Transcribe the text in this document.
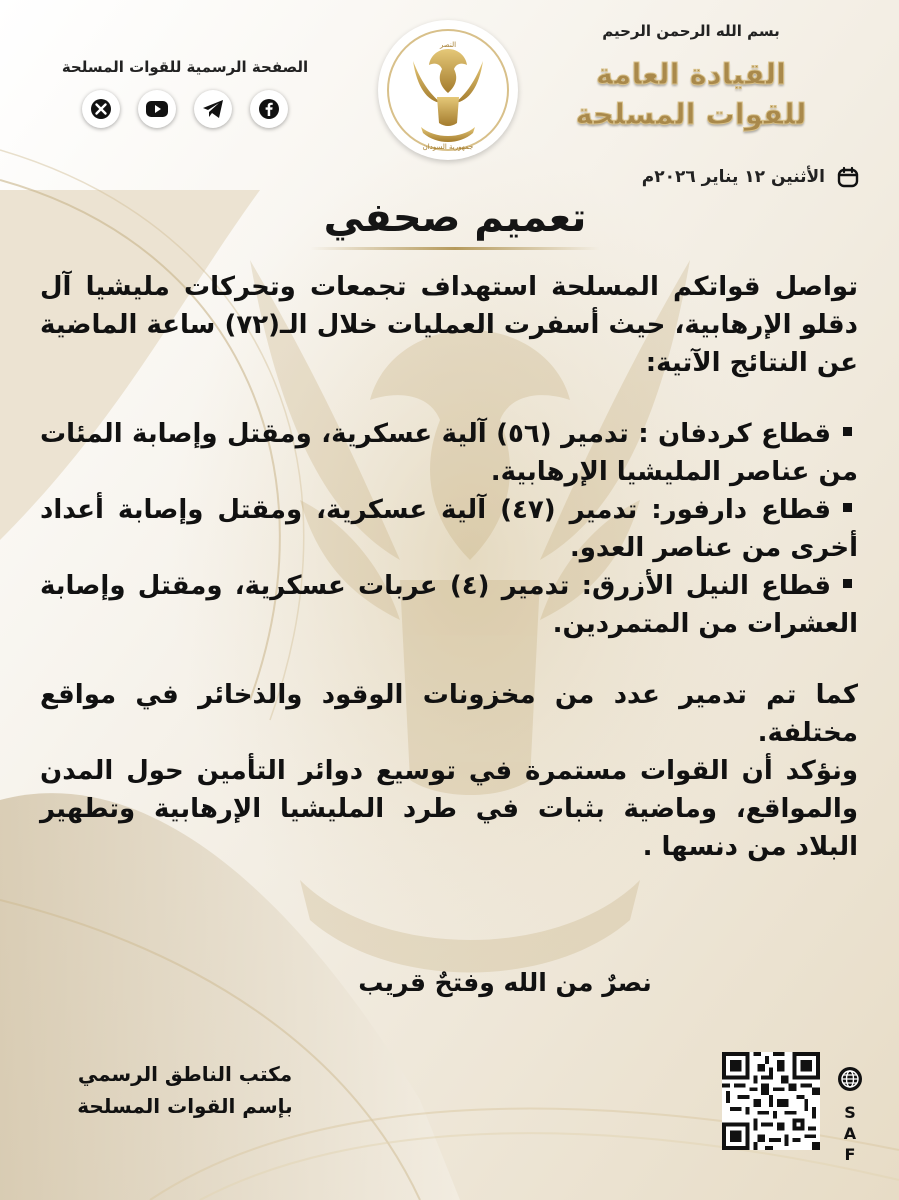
الصفحة الرسمية للقوات المسلحة
النصر
جمهورية السودان
بسم الله الرحمن الرحيم
القيادة العامة
للقوات المسلحة
الأثنين ١٢ يناير ٢٠٢٦م
تعميم صحفي

تواصل قواتكم المسلحة استهداف تجمعات وتحركات مليشيا آل دقلو الإرهابية، حيث أسفرت العمليات خلال الـ(٧٢) ساعة الماضية عن النتائج الآتية:

قطاع كردفان : تدمير (٥٦) آلية عسكرية، ومقتل وإصابة المئات من عناصر المليشيا الإرهابية.

قطاع دارفور: تدمير (٤٧) آلية عسكرية، ومقتل وإصابة أعداد أخرى من عناصر العدو.

قطاع النيل الأزرق: تدمير (٤) عربات عسكرية، ومقتل وإصابة العشرات من المتمردين.

كما تم تدمير عدد من مخزونات الوقود والذخائر في مواقع مختلفة.

ونؤكد أن القوات مستمرة في توسيع دوائر التأمين حول المدن والمواقع، وماضية بثبات في طرد المليشيا الإرهابية وتطهير البلاد من دنسها .

نصرٌ من الله وفتحٌ قريب
مكتب الناطق الرسمي
بإسم القوات المسلحة	S
A
F
